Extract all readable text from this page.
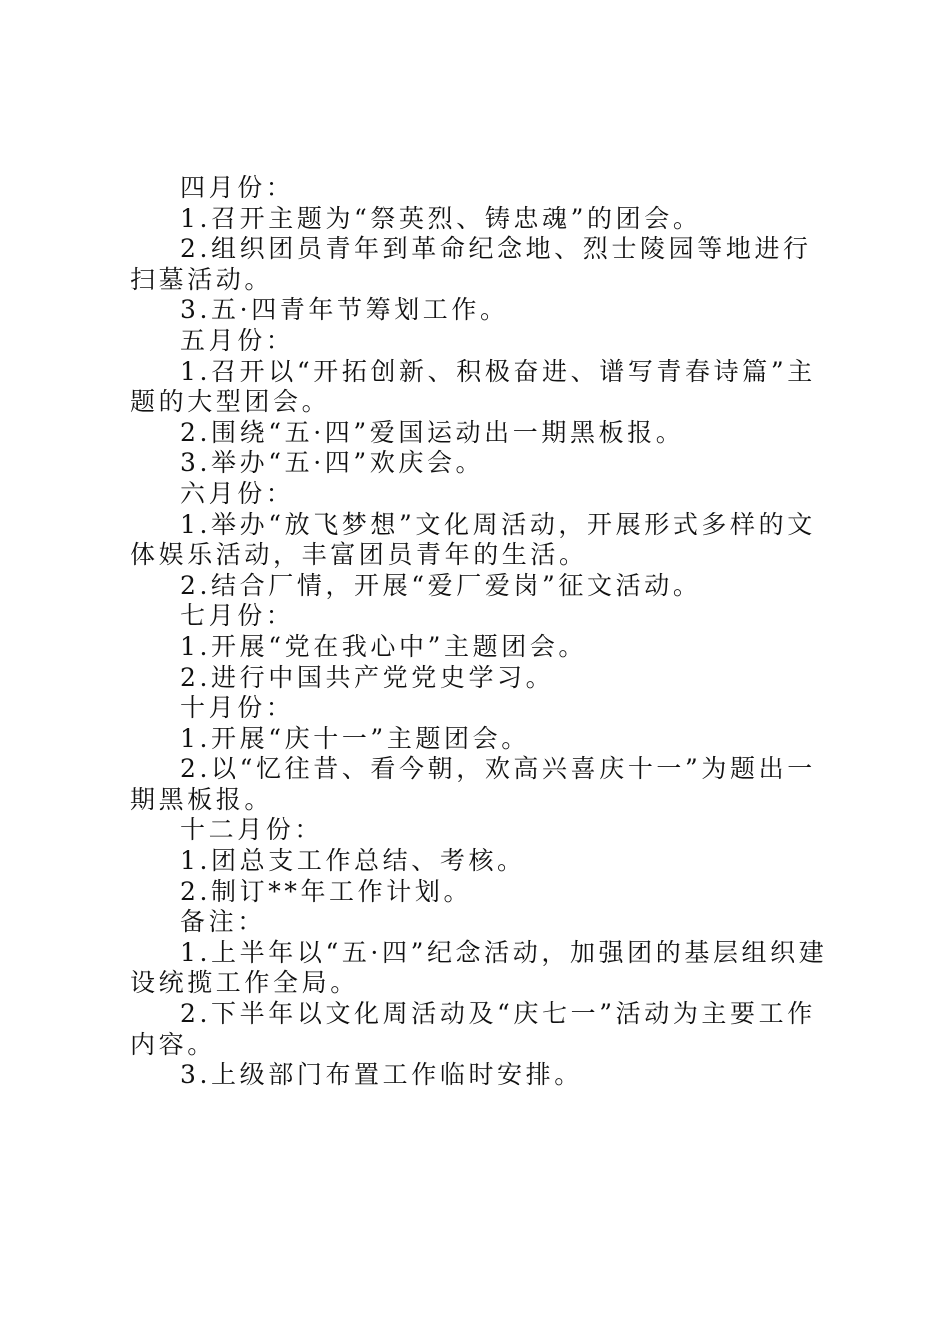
四月份：

1.召开主题为“祭英烈、铸忠魂”的团会。

2.组织团员青年到革命纪念地、烈士陵园等地进行扫墓活动。

3.五·四青年节筹划工作。

五月份：

1.召开以“开拓创新、积极奋进、谱写青春诗篇”主题的大型团会。

2.围绕“五·四”爱国运动出一期黑板报。

3.举办“五·四”欢庆会。

六月份：

1.举办“放飞梦想”文化周活动，开展形式多样的文体娱乐活动，丰富团员青年的生活。

2.结合厂情，开展“爱厂爱岗”征文活动。

七月份：

1.开展“党在我心中”主题团会。

2.进行中国共产党党史学习。

十月份：

1.开展“庆十一”主题团会。

2.以“忆往昔、看今朝，欢高兴喜庆十一”为题出一期黑板报。

十二月份：

1.团总支工作总结、考核。

2.制订**年工作计划。

备注：

1.上半年以“五·四”纪念活动，加强团的基层组织建设统揽工作全局。

2.下半年以文化周活动及“庆七一”活动为主要工作内容。

3.上级部门布置工作临时安排。
